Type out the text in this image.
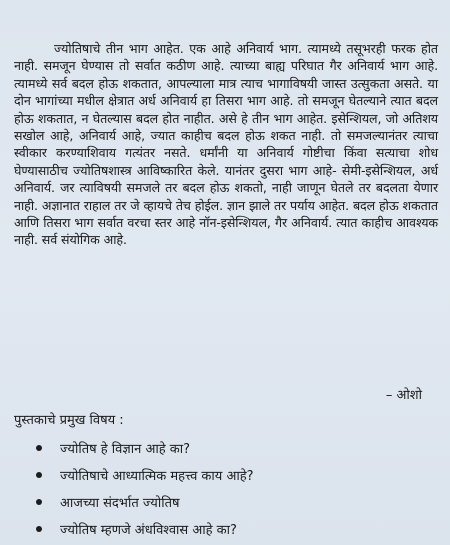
ज्योतिषाचे तीन भाग आहेत. एक आहे अनिवार्य भाग. त्यामध्ये तसूभरही फरक होत नाही. समजून घेण्यास तो सर्वात कठीण आहे. त्याच्या बाह्य परिघात गैर अनिवार्य भाग आहे. त्यामध्ये सर्व बदल होऊ शकतात, आपल्याला मात्र त्याच भागाविषयी जास्त उत्सुकता असते. या दोन भागांच्या मधील क्षेत्रात अर्ध अनिवार्य हा तिसरा भाग आहे. तो समजून घेतल्याने त्यात बदल होऊ शकतात, न घेतल्यास बदल होत नाहीत. असे हे तीन भाग आहेत. इसेन्शियल, जो अतिशय सखोल आहे, अनिवार्य आहे, ज्यात काहीच बदल होऊ शकत नाही. तो समजल्यानंतर त्याचा स्वीकार करण्याशिवाय गत्यंतर नसते. धर्मांनी या अनिवार्य गोष्टीचा किंवा सत्याचा शोध घेण्यासाठीच ज्योतिषशास्त्र आविष्कारित केले. यानंतर दुसरा भाग आहे- सेमी-इसेन्शियल, अर्ध अनिवार्य. जर त्याविषयी समजले तर बदल होऊ शकतो, नाही जाणून घेतले तर बदलता येणार नाही. अज्ञानात राहाल तर जे व्हायचे तेच होईल. ज्ञान झाले तर पर्याय आहेत. बदल होऊ शकतात आणि तिसरा भाग सर्वात वरचा स्तर आहे नॉन-इसेन्शियल, गैर अनिवार्य. त्यात काहीच आवश्यक नाही. सर्व संयोगिक आहे.

– ओशो

पुस्तकाचे प्रमुख विषय :

ज्योतिष हे विज्ञान आहे का?
ज्योतिषाचे आध्यात्मिक महत्त्व काय आहे?
आजच्या संदर्भात ज्योतिष
ज्योतिष म्हणजे अंधविश्वास आहे का?
